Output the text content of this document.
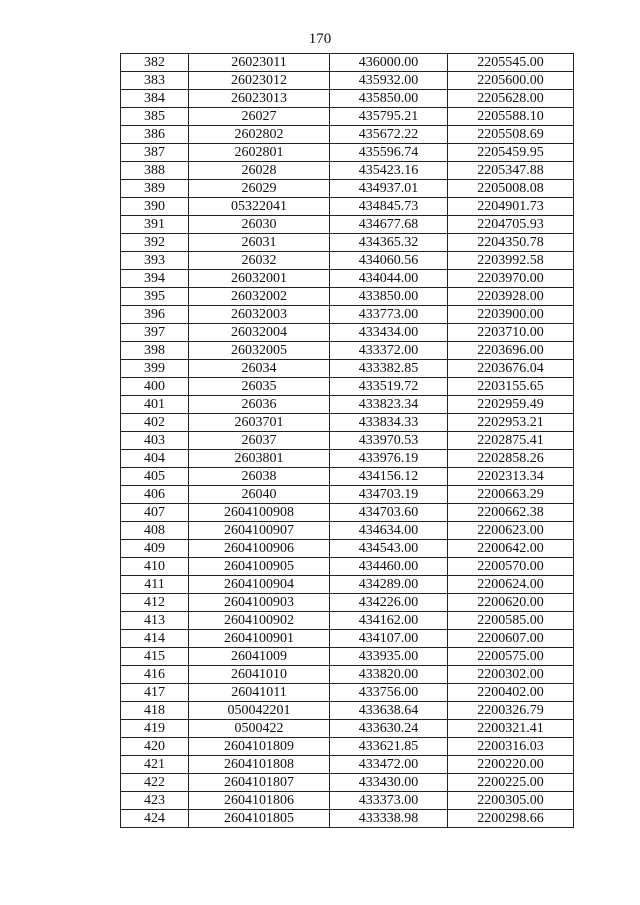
170
382	26023011	436000.00	2205545.00
383	26023012	435932.00	2205600.00
384	26023013	435850.00	2205628.00
385	26027	435795.21	2205588.10
386	2602802	435672.22	2205508.69
387	2602801	435596.74	2205459.95
388	26028	435423.16	2205347.88
389	26029	434937.01	2205008.08
390	05322041	434845.73	2204901.73
391	26030	434677.68	2204705.93
392	26031	434365.32	2204350.78
393	26032	434060.56	2203992.58
394	26032001	434044.00	2203970.00
395	26032002	433850.00	2203928.00
396	26032003	433773.00	2203900.00
397	26032004	433434.00	2203710.00
398	26032005	433372.00	2203696.00
399	26034	433382.85	2203676.04
400	26035	433519.72	2203155.65
401	26036	433823.34	2202959.49
402	2603701	433834.33	2202953.21
403	26037	433970.53	2202875.41
404	2603801	433976.19	2202858.26
405	26038	434156.12	2202313.34
406	26040	434703.19	2200663.29
407	2604100908	434703.60	2200662.38
408	2604100907	434634.00	2200623.00
409	2604100906	434543.00	2200642.00
410	2604100905	434460.00	2200570.00
411	2604100904	434289.00	2200624.00
412	2604100903	434226.00	2200620.00
413	2604100902	434162.00	2200585.00
414	2604100901	434107.00	2200607.00
415	26041009	433935.00	2200575.00
416	26041010	433820.00	2200302.00
417	26041011	433756.00	2200402.00
418	050042201	433638.64	2200326.79
419	0500422	433630.24	2200321.41
420	2604101809	433621.85	2200316.03
421	2604101808	433472.00	2200220.00
422	2604101807	433430.00	2200225.00
423	2604101806	433373.00	2200305.00
424	2604101805	433338.98	2200298.66
